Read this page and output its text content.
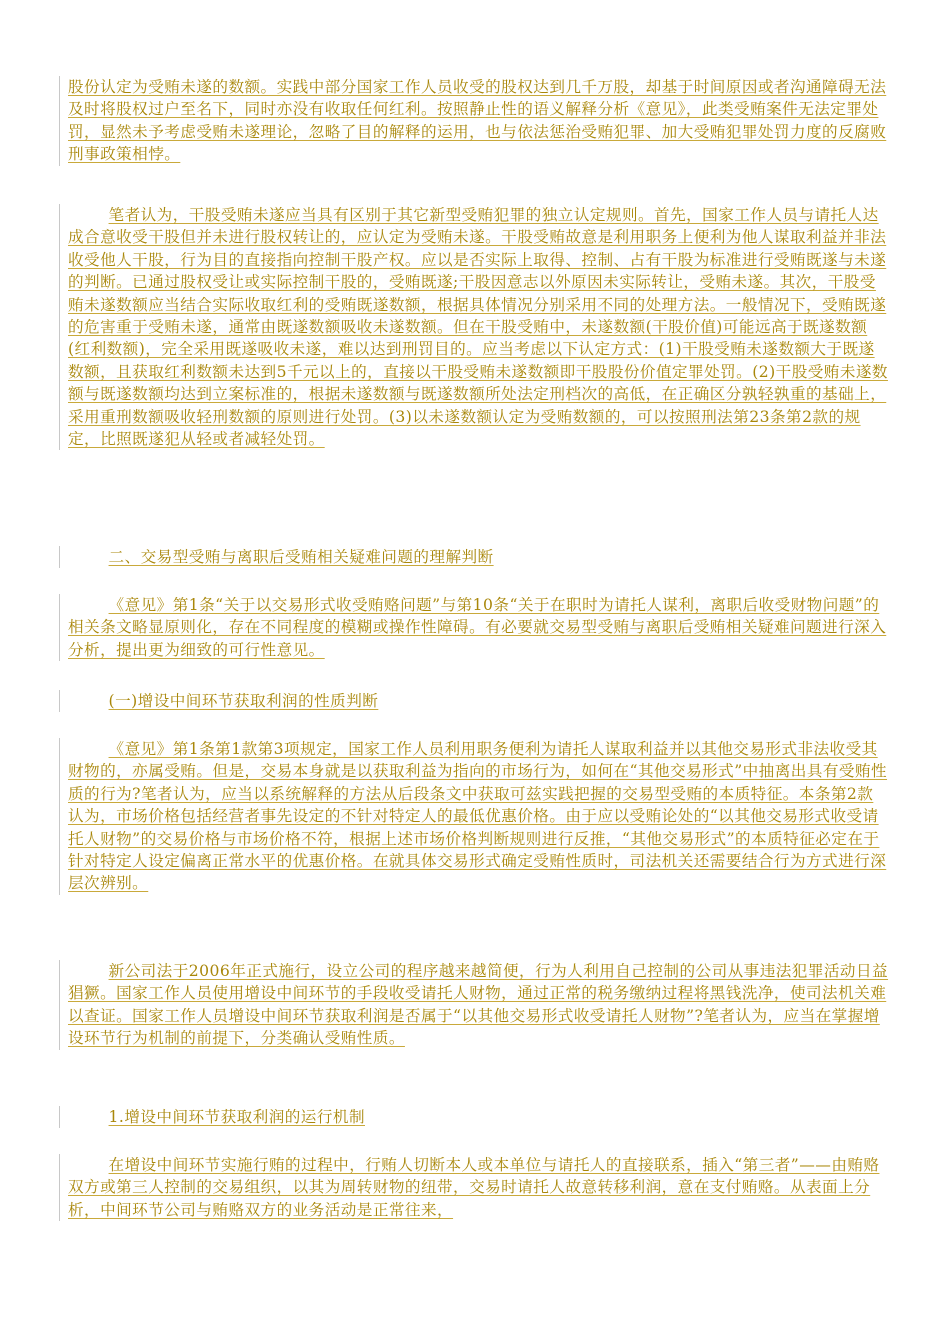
股份认定为受贿未遂的数额。实践中部分国家工作人员收受的股权达到几千万股，却基于时间原因或者沟通障碍无法及时将股权过户至名下，同时亦没有收取任何红利。按照静止性的语义解释分析《意见》，此类受贿案件无法定罪处罚，显然未予考虑受贿未遂理论，忽略了目的解释的运用，也与依法惩治受贿犯罪、加大受贿犯罪处罚力度的反腐败刑事政策相悖。

笔者认为，干股受贿未遂应当具有区别于其它新型受贿犯罪的独立认定规则。首先，国家工作人员与请托人达成合意收受干股但并未进行股权转让的，应认定为受贿未遂。干股受贿故意是利用职务上便利为他人谋取利益并非法收受他人干股，行为目的直接指向控制干股产权。应以是否实际上取得、控制、占有干股为标准进行受贿既遂与未遂的判断。已通过股权受让或实际控制干股的，受贿既遂;干股因意志以外原因未实际转让，受贿未遂。其次，干股受贿未遂数额应当结合实际收取红利的受贿既遂数额，根据具体情况分别采用不同的处理方法。一般情况下，受贿既遂的危害重于受贿未遂，通常由既遂数额吸收未遂数额。但在干股受贿中，未遂数额(干股价值)可能远高于既遂数额(红利数额)，完全采用既遂吸收未遂，难以达到刑罚目的。应当考虑以下认定方式：(1)干股受贿未遂数额大于既遂数额，且获取红利数额未达到5千元以上的，直接以干股受贿未遂数额即干股股份价值定罪处罚。(2)干股受贿未遂数额与既遂数额均达到立案标准的，根据未遂数额与既遂数额所处法定刑档次的高低，在正确区分孰轻孰重的基础上，采用重刑数额吸收轻刑数额的原则进行处罚。(3)以未遂数额认定为受贿数额的，可以按照刑法第23条第2款的规定，比照既遂犯从轻或者减轻处罚。

二、交易型受贿与离职后受贿相关疑难问题的理解判断

《意见》第1条“关于以交易形式收受贿赂问题”与第10条“关于在职时为请托人谋利，离职后收受财物问题”的相关条文略显原则化，存在不同程度的模糊或操作性障碍。有必要就交易型受贿与离职后受贿相关疑难问题进行深入分析，提出更为细致的可行性意见。

(一)增设中间环节获取利润的性质判断

《意见》第1条第1款第3项规定，国家工作人员利用职务便利为请托人谋取利益并以其他交易形式非法收受其财物的，亦属受贿。但是，交易本身就是以获取利益为指向的市场行为，如何在“其他交易形式”中抽离出具有受贿性质的行为?笔者认为，应当以系统解释的方法从后段条文中获取可兹实践把握的交易型受贿的本质特征。本条第2款认为，市场价格包括经营者事先设定的不针对特定人的最低优惠价格。由于应以受贿论处的“以其他交易形式收受请托人财物”的交易价格与市场价格不符，根据上述市场价格判断规则进行反推，“其他交易形式”的本质特征必定在于针对特定人设定偏离正常水平的优惠价格。在就具体交易形式确定受贿性质时，司法机关还需要结合行为方式进行深层次辨别。

新公司法于2006年正式施行，设立公司的程序越来越简便，行为人利用自己控制的公司从事违法犯罪活动日益猖獗。国家工作人员使用增设中间环节的手段收受请托人财物，通过正常的税务缴纳过程将黑钱洗净，使司法机关难以查证。国家工作人员增设中间环节获取利润是否属于“以其他交易形式收受请托人财物”?笔者认为，应当在掌握增设环节行为机制的前提下，分类确认受贿性质。

1.增设中间环节获取利润的运行机制

在增设中间环节实施行贿的过程中，行贿人切断本人或本单位与请托人的直接联系，插入“第三者”——由贿赂双方或第三人控制的交易组织，以其为周转财物的纽带，交易时请托人故意转移利润，意在支付贿赂。从表面上分析，中间环节公司与贿赂双方的业务活动是正常往来，
